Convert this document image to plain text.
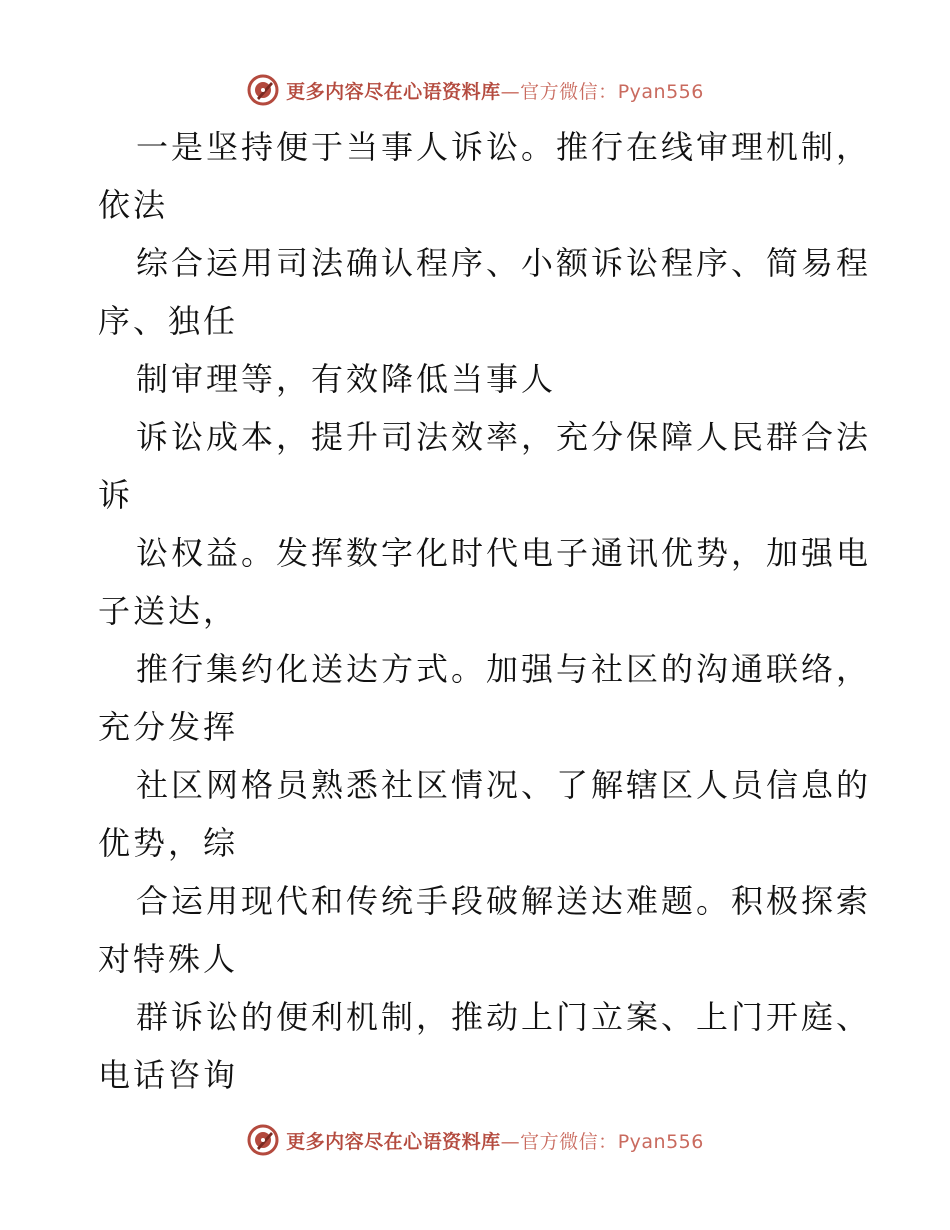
更多内容尽在心语资料库—官方微信：Pyan556
一是坚持便于当事人诉讼。推行在线审理机制，
依法
综合运用司法确认程序、小额诉讼程序、简易程
序、独任
制审理等，有效降低当事人
诉讼成本，提升司法效率，充分保障人民群合法
诉
讼权益。发挥数字化时代电子通讯优势，加强电
子送达，
推行集约化送达方式。加强与社区的沟通联络，
充分发挥
社区网格员熟悉社区情况、了解辖区人员信息的
优势，综
合运用现代和传统手段破解送达难题。积极探索
对特殊人
群诉讼的便利机制，推动上门立案、上门开庭、
电话咨询
更多内容尽在心语资料库—官方微信：Pyan556
